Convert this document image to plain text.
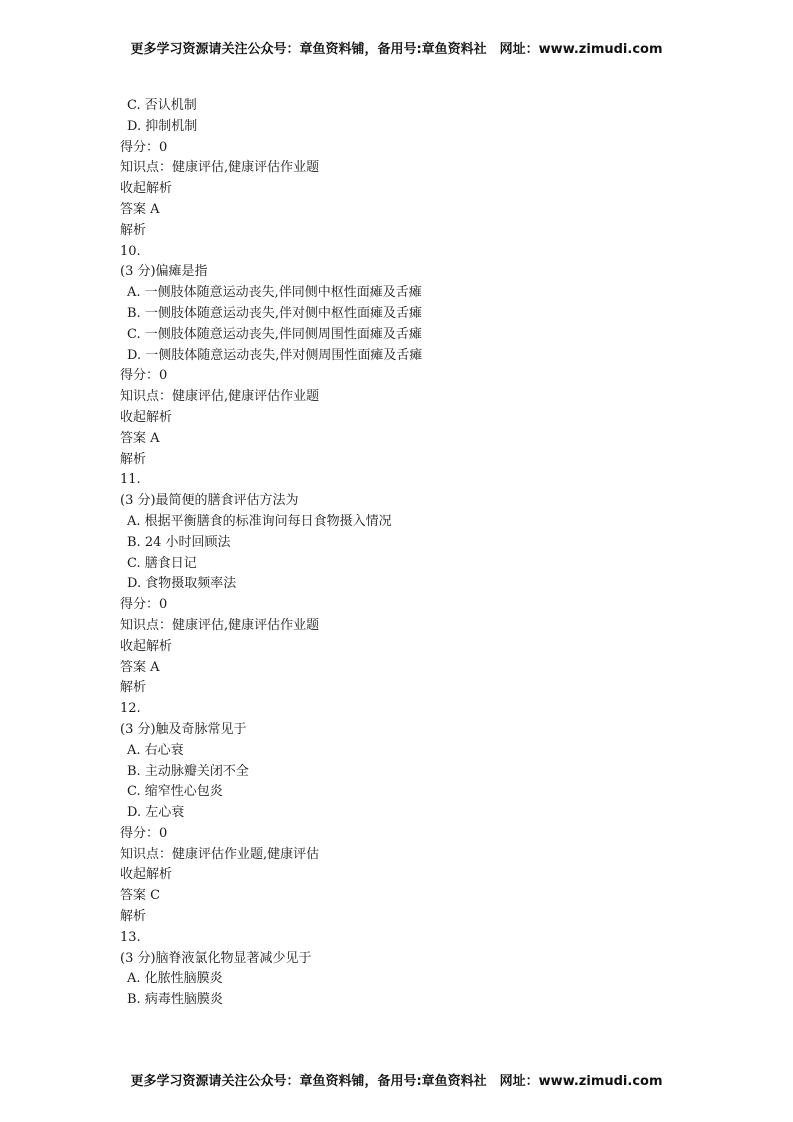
更多学习资源请关注公众号：章鱼资料铺，备用号:章鱼资料社　网址：www.zimudi.com
C. 否认机制
D. 抑制机制
得分：0
知识点：健康评估,健康评估作业题
收起解析
答案 A
解析
10.
(3 分)偏瘫是指
A. 一侧肢体随意运动丧失,伴同侧中枢性面瘫及舌瘫
B. 一侧肢体随意运动丧失,伴对侧中枢性面瘫及舌瘫
C. 一侧肢体随意运动丧失,伴同侧周围性面瘫及舌瘫
D. 一侧肢体随意运动丧失,伴对侧周围性面瘫及舌瘫
得分：0
知识点：健康评估,健康评估作业题
收起解析
答案 A
解析
11.
(3 分)最简便的膳食评估方法为
A. 根据平衡膳食的标准询问每日食物摄入情况
B. 24 小时回顾法
C. 膳食日记
D. 食物摄取频率法
得分：0
知识点：健康评估,健康评估作业题
收起解析
答案 A
解析
12.
(3 分)触及奇脉常见于
A. 右心衰
B. 主动脉瓣关闭不全
C. 缩窄性心包炎
D. 左心衰
得分：0
知识点：健康评估作业题,健康评估
收起解析
答案 C
解析
13.
(3 分)脑脊液氯化物显著减少见于
A. 化脓性脑膜炎
B. 病毒性脑膜炎
更多学习资源请关注公众号：章鱼资料铺，备用号:章鱼资料社　网址：www.zimudi.com
